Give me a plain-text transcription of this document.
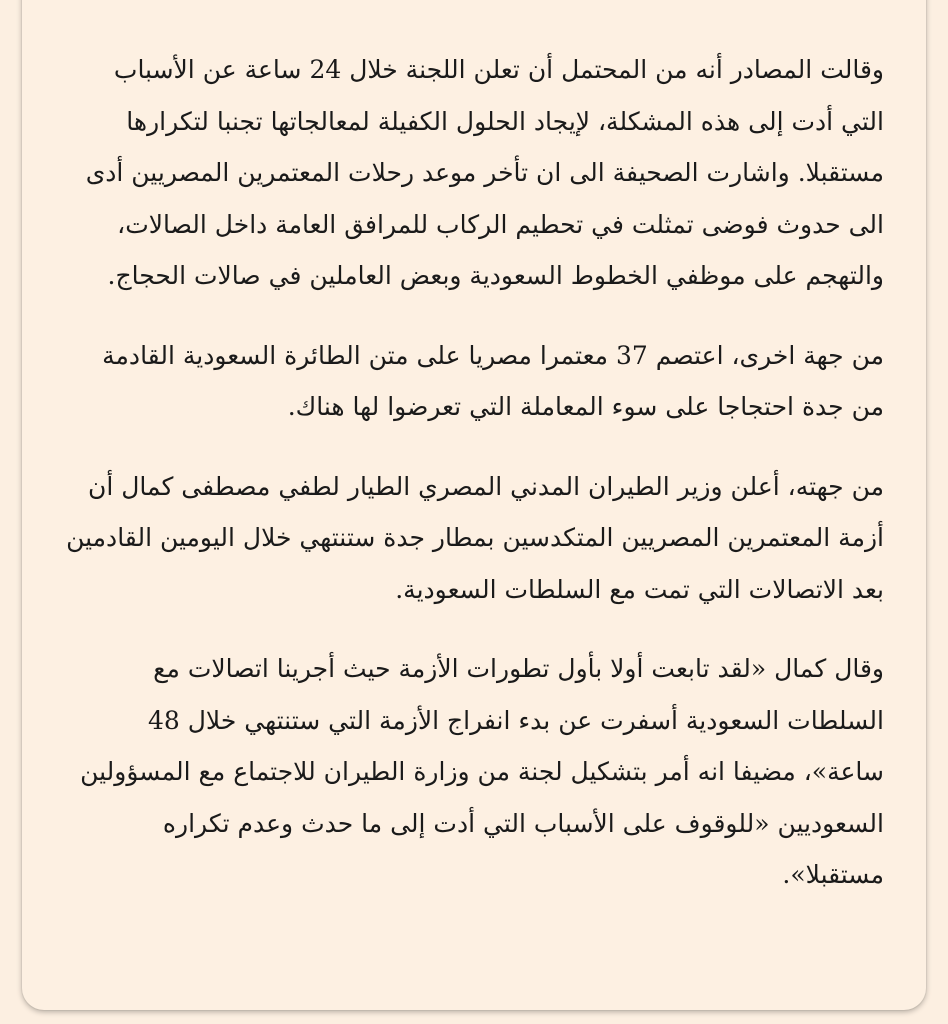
وقالت المصادر أنه من المحتمل أن تعلن اللجنة خلال 24 ساعة عن الأسباب التي أدت إلى هذه المشكلة، لإيجاد الحلول الكفيلة لمعالجاتها تجنبا لتكرارها مستقبلا. واشارت الصحيفة الى ان تأخر موعد رحلات المعتمرين المصريين أدى الى حدوث فوضى تمثلت في تحطيم الركاب للمرافق العامة داخل الصالات، والتهجم على موظفي الخطوط السعودية وبعض العاملين في صالات الحجاج.

من جهة اخرى، اعتصم 37 معتمرا مصريا على متن الطائرة السعودية القادمة من جدة احتجاجا على سوء المعاملة التي تعرضوا لها هناك.

من جهته، أعلن وزير الطيران المدني المصري الطيار لطفي مصطفى كمال أن أزمة المعتمرين المصريين المتكدسين بمطار جدة ستنتهي خلال اليومين القادمين بعد الاتصالات التي تمت مع السلطات السعودية.

وقال كمال «لقد تابعت أولا بأول تطورات الأزمة حيث أجرينا اتصالات مع السلطات السعودية أسفرت عن بدء انفراج الأزمة التي ستنتهي خلال 48 ساعة»، مضيفا انه أمر بتشكيل لجنة من وزارة الطيران للاجتماع مع المسؤولين السعوديين «للوقوف على الأسباب التي أدت إلى ما حدث وعدم تكراره مستقبلا».
